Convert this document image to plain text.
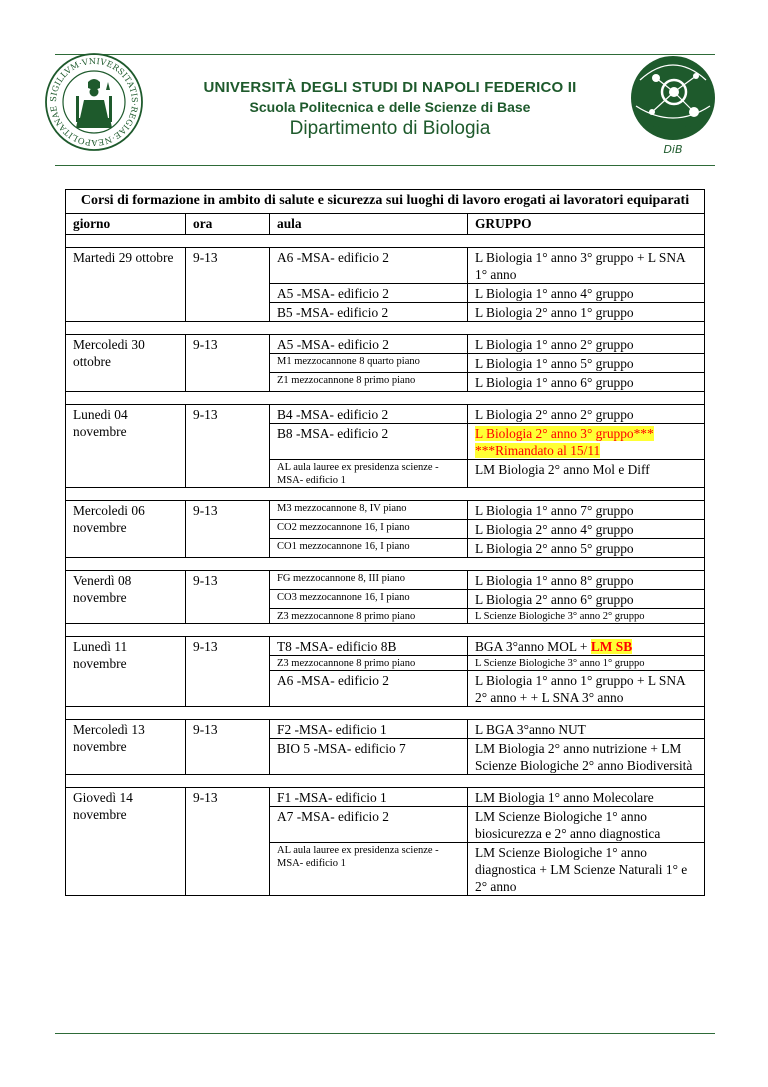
SIGILLVM·VNIVERSITATIS·REGIAE·NEAPOLITANAE
UNIVERSITÀ DEGLI STUDI DI NAPOLI FEDERICO II
Scuola Politecnica e delle Scienze di Base
Dipartimento di Biologia
DiB
Corsi di formazione in ambito di salute e sicurezza sui luoghi di lavoro erogati ai lavoratori equiparati			
giorno	ora	aula	GRUPPO

Martedi 29 ottobre	9-13	A6 -MSA- edificio 2	L Biologia 1° anno 3° gruppo + L SNA 1° anno
		A5 -MSA- edificio 2	L Biologia 1° anno 4° gruppo
		B5 -MSA- edificio 2	L Biologia 2° anno 1° gruppo

Mercoledi 30 ottobre	9-13	A5 -MSA- edificio 2	L Biologia 1° anno 2° gruppo
		M1 mezzocannone 8 quarto piano	L Biologia 1° anno 5° gruppo
		Z1 mezzocannone 8 primo piano	L Biologia 1° anno 6° gruppo

Lunedi 04 novembre	9-13	B4 -MSA- edificio 2	L Biologia 2° anno 2° gruppo
		B8 -MSA- edificio 2	L Biologia 2° anno 3° gruppo***
***Rimandato al 15/11
		AL aula lauree ex presidenza scienze - MSA- edificio 1	LM Biologia 2° anno Mol e Diff

Mercoledi 06 novembre	9-13	M3 mezzocannone 8, IV piano	L Biologia 1° anno 7° gruppo
		CO2 mezzocannone 16, I piano	L Biologia 2° anno 4° gruppo
		CO1 mezzocannone 16, I piano	L Biologia 2° anno 5° gruppo

Venerdì 08 novembre	9-13	FG mezzocannone 8, III piano	L Biologia 1° anno 8° gruppo
		CO3 mezzocannone 16, I piano	L Biologia 2° anno 6° gruppo
		Z3 mezzocannone 8 primo piano	L Scienze Biologiche 3° anno 2° gruppo

Lunedì 11 novembre	9-13	T8 -MSA- edificio 8B	BGA 3°anno MOL + LM SB
		Z3 mezzocannone 8 primo piano	L Scienze Biologiche 3° anno 1° gruppo
		A6 -MSA- edificio 2	L Biologia 1° anno 1° gruppo + L SNA 2° anno + + L SNA 3° anno

Mercoledì 13 novembre	9-13	F2 -MSA- edificio 1	L BGA 3°anno NUT
		BIO 5 -MSA- edificio 7	LM Biologia 2° anno nutrizione + LM Scienze Biologiche 2° anno Biodiversità

Giovedì 14 novembre	9-13	F1 -MSA- edificio 1	LM Biologia 1° anno Molecolare
		A7 -MSA- edificio 2	LM Scienze Biologiche 1° anno biosicurezza e 2° anno diagnostica
		AL aula lauree ex presidenza scienze - MSA- edificio 1	LM Scienze Biologiche 1° anno diagnostica + LM Scienze Naturali 1° e 2° anno
